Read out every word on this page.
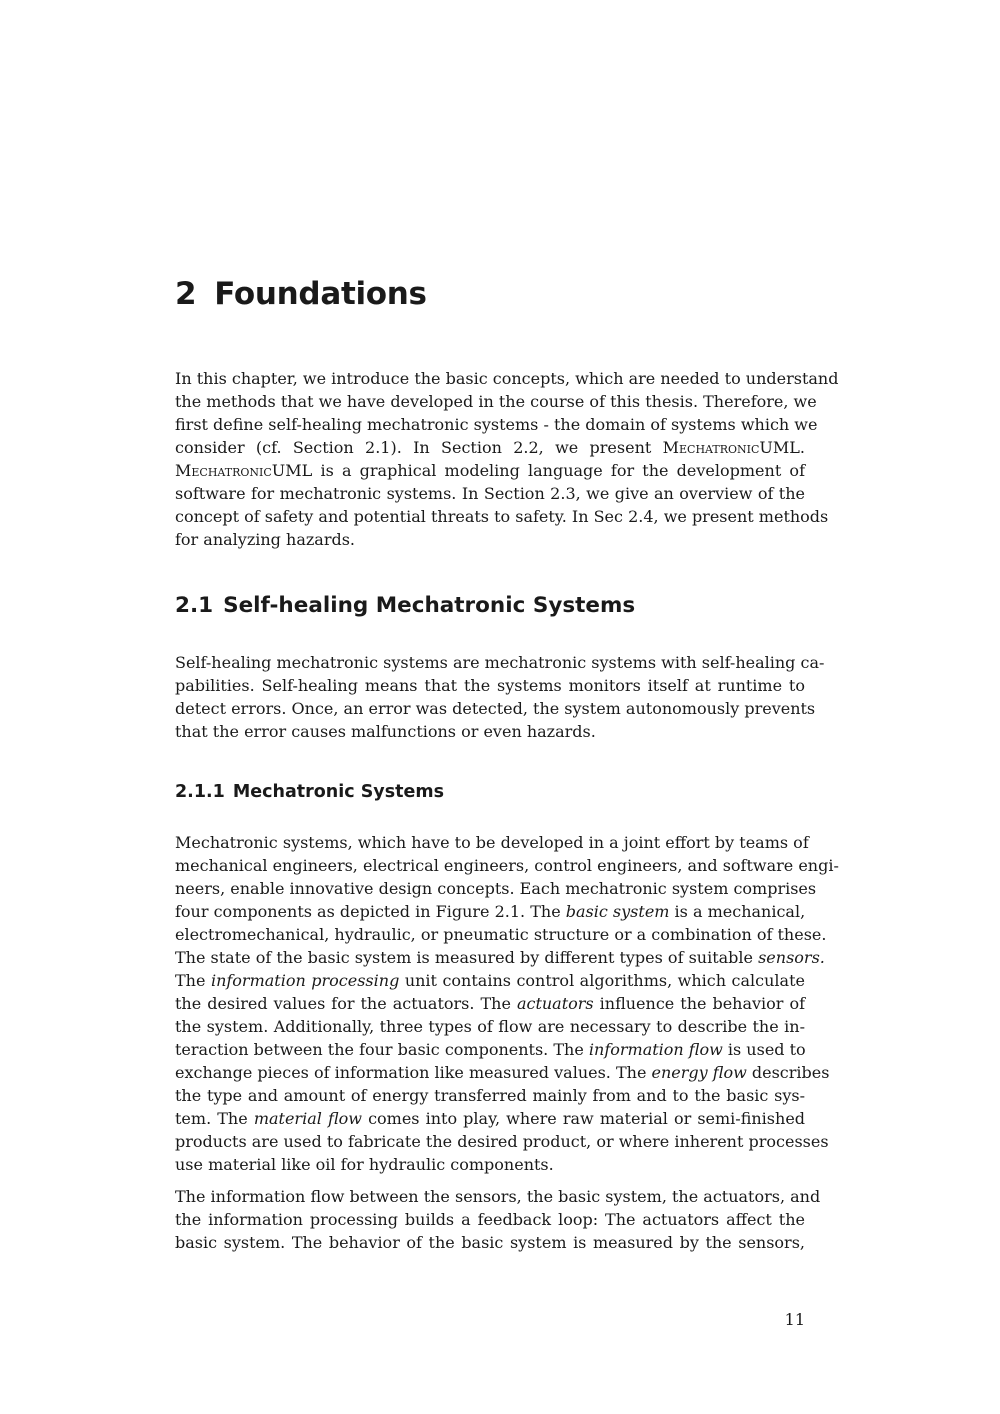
2 Foundations
In this chapter, we introduce the basic concepts, which are needed to understand
the methods that we have developed in the course of this thesis. Therefore, we
first define self-healing mechatronic systems - the domain of systems which we
consider (cf. Section 2.1). In Section 2.2, we present MechatronicUML.
MechatronicUML is a graphical modeling language for the development of
software for mechatronic systems. In Section 2.3, we give an overview of the
concept of safety and potential threats to safety. In Sec 2.4, we present methods
for analyzing hazards.
2.1 Self-healing Mechatronic Systems
Self-healing mechatronic systems are mechatronic systems with self-healing ca-
pabilities. Self-healing means that the systems monitors itself at runtime to
detect errors. Once, an error was detected, the system autonomously prevents
that the error causes malfunctions or even hazards.
2.1.1 Mechatronic Systems
Mechatronic systems, which have to be developed in a joint effort by teams of
mechanical engineers, electrical engineers, control engineers, and software engi-
neers, enable innovative design concepts. Each mechatronic system comprises
four components as depicted in Figure 2.1. The basic system is a mechanical,
electromechanical, hydraulic, or pneumatic structure or a combination of these.
The state of the basic system is measured by different types of suitable sensors.
The information processing unit contains control algorithms, which calculate
the desired values for the actuators. The actuators influence the behavior of
the system. Additionally, three types of flow are necessary to describe the in-
teraction between the four basic components. The information flow is used to
exchange pieces of information like measured values. The energy flow describes
the type and amount of energy transferred mainly from and to the basic sys-
tem. The material flow comes into play, where raw material or semi-finished
products are used to fabricate the desired product, or where inherent processes
use material like oil for hydraulic components.
The information flow between the sensors, the basic system, the actuators, and
the information processing builds a feedback loop: The actuators affect the
basic system. The behavior of the basic system is measured by the sensors,
11
